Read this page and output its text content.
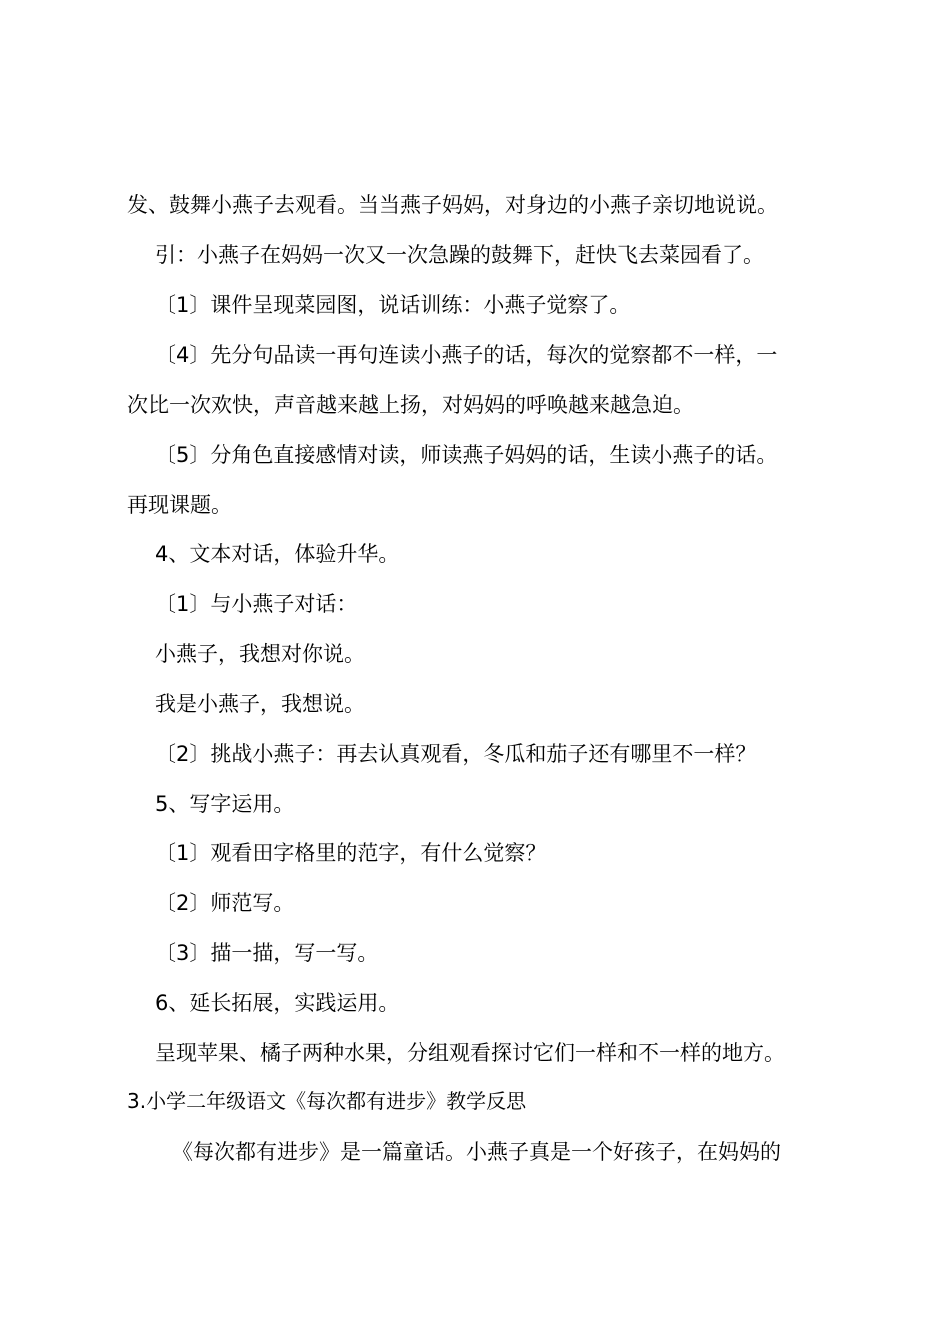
发、鼓舞小燕子去观看。当当燕子妈妈，对身边的小燕子亲切地说说。
引：小燕子在妈妈一次又一次急躁的鼓舞下，赶快飞去菜园看了。
〔1〕课件呈现菜园图，说话训练：小燕子觉察了。
〔4〕先分句品读一再句连读小燕子的话，每次的觉察都不一样，一
次比一次欢快，声音越来越上扬，对妈妈的呼唤越来越急迫。
〔5〕分角色直接感情对读，师读燕子妈妈的话，生读小燕子的话。
再现课题。
4、文本对话，体验升华。
〔1〕与小燕子对话：
小燕子，我想对你说。
我是小燕子，我想说。
〔2〕挑战小燕子：再去认真观看，冬瓜和茄子还有哪里不一样？
5、写字运用。
〔1〕观看田字格里的范字，有什么觉察？
〔2〕师范写。
〔3〕描一描，写一写。
6、延长拓展，实践运用。
呈现苹果、橘子两种水果，分组观看探讨它们一样和不一样的地方。
3.小学二年级语文《每次都有进步》教学反思
《每次都有进步》是一篇童话。小燕子真是一个好孩子，在妈妈的
